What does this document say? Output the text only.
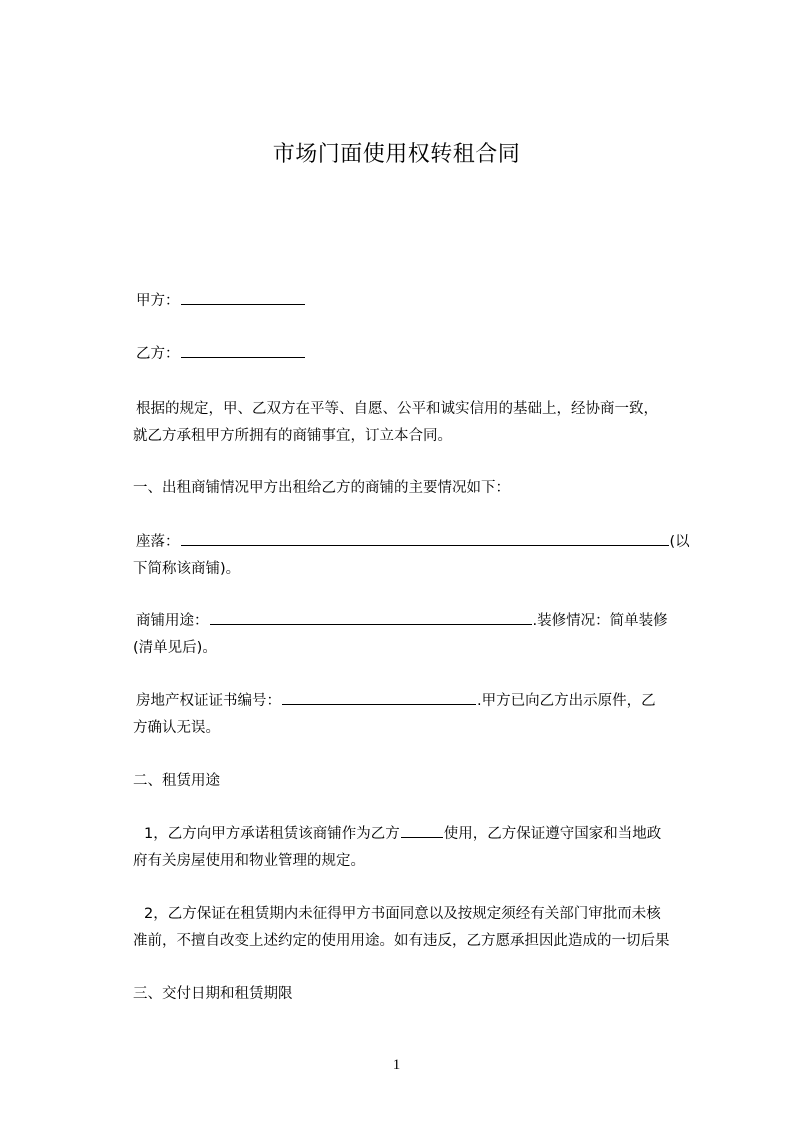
市场门面使用权转租合同
甲方：
乙方：
根据的规定，甲、乙双方在平等、自愿、公平和诚实信用的基础上，经协商一致，
就乙方承租甲方所拥有的商铺事宜，订立本合同。
一、出租商铺情况甲方出租给乙方的商铺的主要情况如下：
座落：	(以
下简称该商铺)。
商铺用途：	.装修情况：简单装修
(清单见后)。
房地产权证证书编号：	.甲方已向乙方出示原件，乙
方确认无误。
二、租赁用途
1，乙方向甲方承诺租赁该商铺作为乙方	使用，乙方保证遵守国家和当地政
府有关房屋使用和物业管理的规定。
2，乙方保证在租赁期内未征得甲方书面同意以及按规定须经有关部门审批而未核
准前，不擅自改变上述约定的使用用途。如有违反，乙方愿承担因此造成的一切后果
三、交付日期和租赁期限
1
